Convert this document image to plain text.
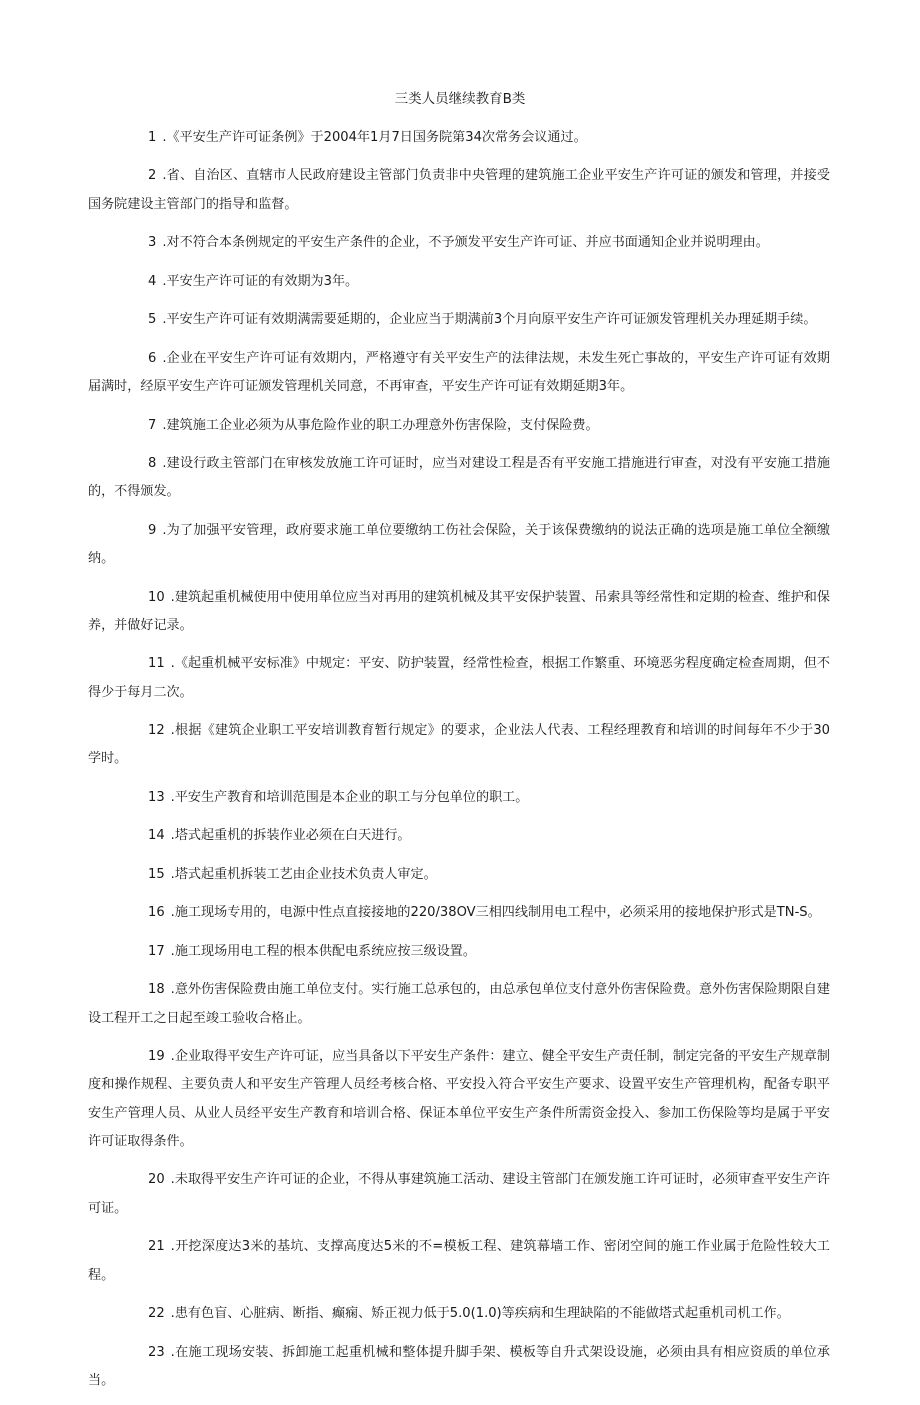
三类人员继续教育B类

1 .《平安生产许可证条例》于2004年1月7日国务院第34次常务会议通过。

2 .省、自治区、直辖市人民政府建设主管部门负责非中央管理的建筑施工企业平安生产许可证的颁发和管理，并接受国务院建设主管部门的指导和监督。

3 .对不符合本条例规定的平安生产条件的企业，不予颁发平安生产许可证、并应书面通知企业并说明理由。

4 .平安生产许可证的有效期为3年。

5 .平安生产许可证有效期满需要延期的，企业应当于期满前3个月向原平安生产许可证颁发管理机关办理延期手续。

6 .企业在平安生产许可证有效期内，严格遵守有关平安生产的法律法规，未发生死亡事故的，平安生产许可证有效期届满时，经原平安生产许可证颁发管理机关同意，不再审查，平安生产许可证有效期延期3年。

7 .建筑施工企业必须为从事危险作业的职工办理意外伤害保险，支付保险费。

8 .建设行政主管部门在审核发放施工许可证时，应当对建设工程是否有平安施工措施进行审查，对没有平安施工措施的，不得颁发。

9 .为了加强平安管理，政府要求施工单位要缴纳工伤社会保险，关于该保费缴纳的说法正确的选项是施工单位全额缴纳。

10 .建筑起重机械使用中使用单位应当对再用的建筑机械及其平安保护装置、吊索具等经常性和定期的检查、维护和保养，并做好记录。

11 .《起重机械平安标准》中规定：平安、防护装置，经常性检查，根据工作繁重、环境恶劣程度确定检查周期，但不得少于每月二次。

12 .根据《建筑企业职工平安培训教育暂行规定》的要求，企业法人代表、工程经理教育和培训的时间每年不少于30学时。

13 .平安生产教育和培训范围是本企业的职工与分包单位的职工。

14 .塔式起重机的拆装作业必须在白天进行。

15 .塔式起重机拆装工艺由企业技术负责人审定。

16 .施工现场专用的，电源中性点直接接地的220/38OV三相四线制用电工程中，必须采用的接地保护形式是TN-S。

17 .施工现场用电工程的根本供配电系统应按三级设置。

18 .意外伤害保险费由施工单位支付。实行施工总承包的，由总承包单位支付意外伤害保险费。意外伤害保险期限自建设工程开工之日起至竣工验收合格止。

19 .企业取得平安生产许可证，应当具备以下平安生产条件：建立、健全平安生产责任制，制定完备的平安生产规章制度和操作规程、主要负责人和平安生产管理人员经考核合格、平安投入符合平安生产要求、设置平安生产管理机构，配备专职平安生产管理人员、从业人员经平安生产教育和培训合格、保证本单位平安生产条件所需资金投入、参加工伤保险等均是属于平安许可证取得条件。

20 .未取得平安生产许可证的企业，不得从事建筑施工活动、建设主管部门在颁发施工许可证时，必须审查平安生产许可证。

21 .开挖深度达3米的基坑、支撑高度达5米的不=模板工程、建筑幕墙工作、密闭空间的施工作业属于危险性较大工程。

22 .患有色盲、心脏病、断指、癫痫、矫正视力低于5.0(1.0)等疾病和生理缺陷的不能做塔式起重机司机工作。

23 .在施工现场安装、拆卸施工起重机械和整体提升脚手架、模板等自升式架设设施，必须由具有相应资质的单位承当。
